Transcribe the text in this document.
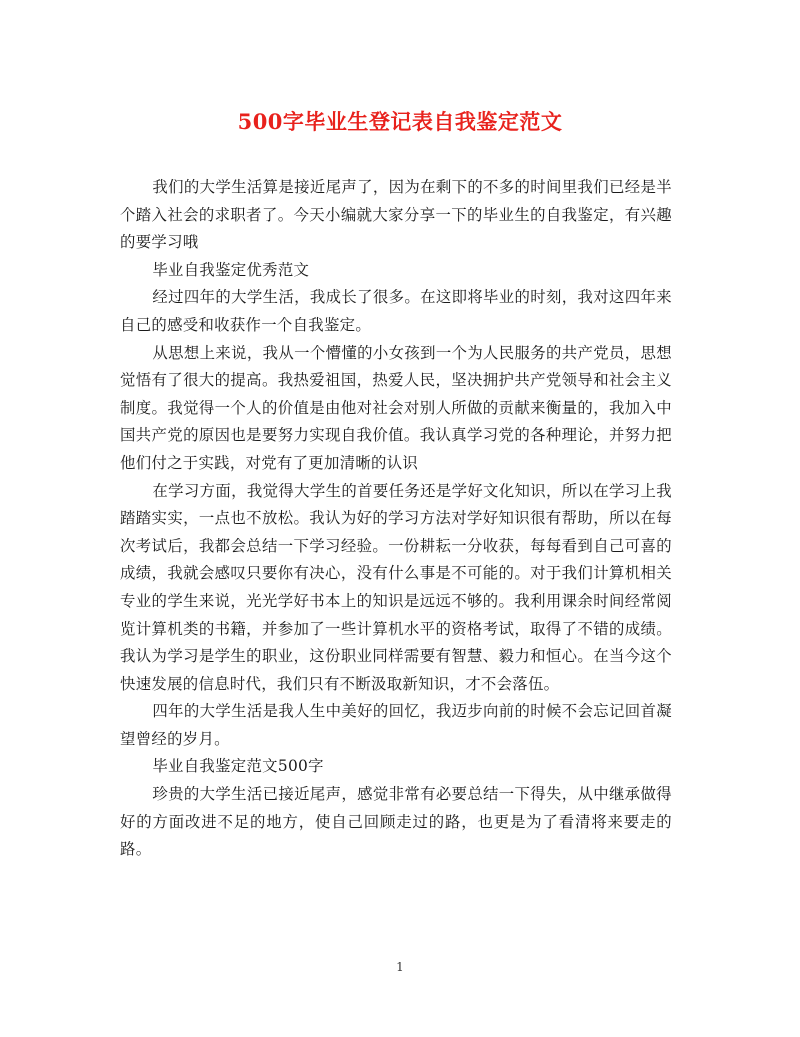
500字毕业生登记表自我鉴定范文

我们的大学生活算是接近尾声了，因为在剩下的不多的时间里我们已经是半个踏入社会的求职者了。今天小编就大家分享一下的毕业生的自我鉴定，有兴趣的要学习哦

毕业自我鉴定优秀范文

经过四年的大学生活，我成长了很多。在这即将毕业的时刻，我对这四年来自己的感受和收获作一个自我鉴定。

从思想上来说，我从一个懵懂的小女孩到一个为人民服务的共产党员，思想觉悟有了很大的提高。我热爱祖国，热爱人民，坚决拥护共产党领导和社会主义制度。我觉得一个人的价值是由他对社会对别人所做的贡献来衡量的，我加入中国共产党的原因也是要努力实现自我价值。我认真学习党的各种理论，并努力把他们付之于实践，对党有了更加清晰的认识

在学习方面，我觉得大学生的首要任务还是学好文化知识，所以在学习上我踏踏实实，一点也不放松。我认为好的学习方法对学好知识很有帮助，所以在每次考试后，我都会总结一下学习经验。一份耕耘一分收获，每每看到自己可喜的成绩，我就会感叹只要你有决心，没有什么事是不可能的。对于我们计算机相关专业的学生来说，光光学好书本上的知识是远远不够的。我利用课余时间经常阅览计算机类的书籍，并参加了一些计算机水平的资格考试，取得了不错的成绩。我认为学习是学生的职业，这份职业同样需要有智慧、毅力和恒心。在当今这个快速发展的信息时代，我们只有不断汲取新知识，才不会落伍。

四年的大学生活是我人生中美好的回忆，我迈步向前的时候不会忘记回首凝望曾经的岁月。

毕业自我鉴定范文500字

珍贵的大学生活已接近尾声，感觉非常有必要总结一下得失，从中继承做得好的方面改进不足的地方，使自己回顾走过的路，也更是为了看清将来要走的路。

1
